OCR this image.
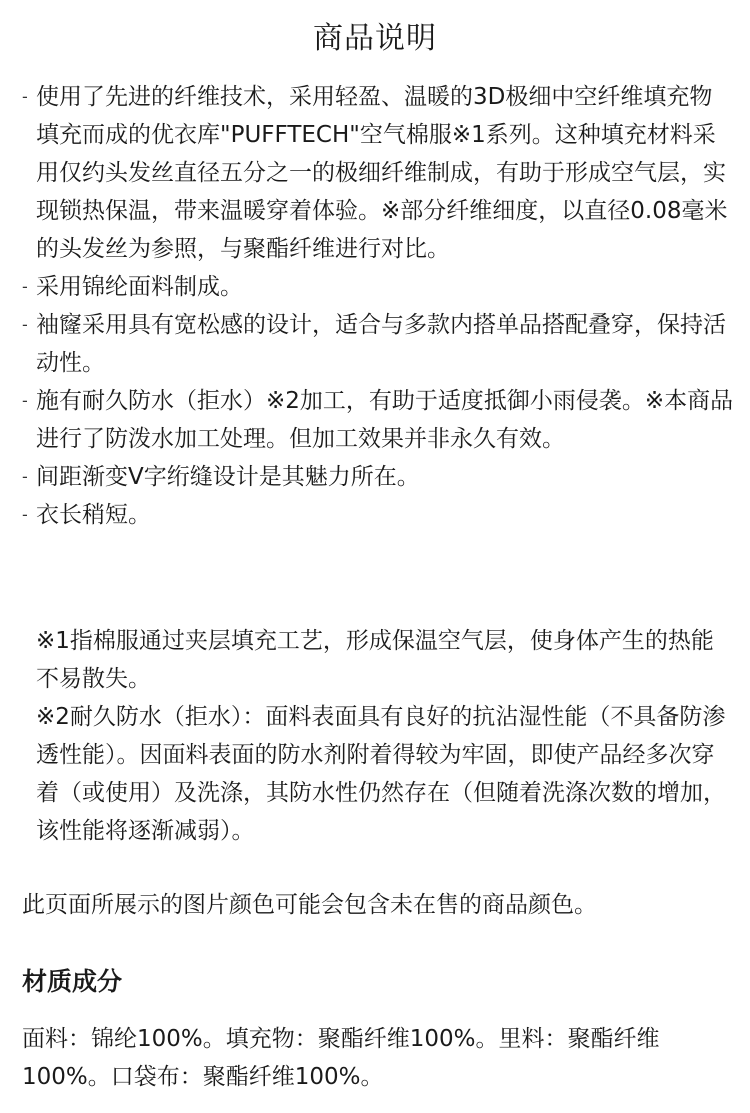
商品说明
- 使用了先进的纤维技术，采用轻盈、温暖的3D极细中空纤维填充物填充而成的优衣库"PUFFTECH"空气棉服※1系列。这种填充材料采用仅约头发丝直径五分之一的极细纤维制成，有助于形成空气层，实现锁热保温，带来温暖穿着体验。※部分纤维细度，以直径0.08毫米的头发丝为参照，与聚酯纤维进行对比。
- 采用锦纶面料制成。
- 袖窿采用具有宽松感的设计，适合与多款内搭单品搭配叠穿，保持活动性。
- 施有耐久防水（拒水）※2加工，有助于适度抵御小雨侵袭。※本商品进行了防泼水加工处理。但加工效果并非永久有效。
- 间距渐变V字绗缝设计是其魅力所在。
- 衣长稍短。

※1指棉服通过夹层填充工艺，形成保温空气层，使身体产生的热能不易散失。

※2耐久防水（拒水）：面料表面具有良好的抗沾湿性能（不具备防渗透性能）。因面料表面的防水剂附着得较为牢固，即使产品经多次穿着（或使用）及洗涤，其防水性仍然存在（但随着洗涤次数的增加，该性能将逐渐减弱）。

此页面所展示的图片颜色可能会包含未在售的商品颜色。

材质成分

面料：锦纶100%。填充物：聚酯纤维100%。里料：聚酯纤维100%。口袋布：聚酯纤维100%。
